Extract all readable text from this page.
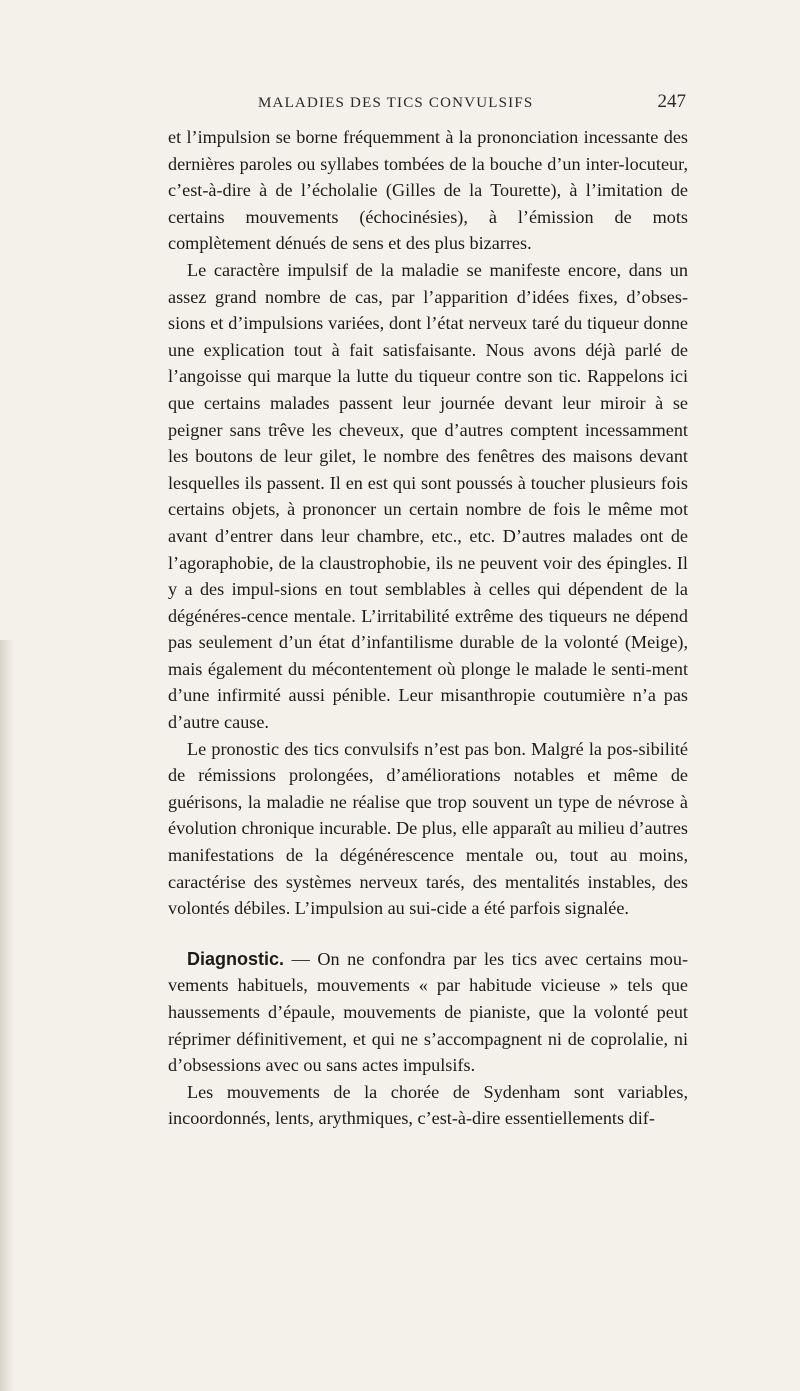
MALADIES DES TICS CONVULSIFS	247

et l’impulsion se borne fréquemment à la prononciation incessante des dernières paroles ou syllabes tombées de la bouche d’un inter-locuteur, c’est-à-dire à de l’écholalie (Gilles de la Tourette), à l’imitation de certains mouvements (échocinésies), à l’émission de mots complètement dénués de sens et des plus bizarres.

Le caractère impulsif de la maladie se manifeste encore, dans un assez grand nombre de cas, par l’apparition d’idées fixes, d’obses-sions et d’impulsions variées, dont l’état nerveux taré du tiqueur donne une explication tout à fait satisfaisante. Nous avons déjà parlé de l’angoisse qui marque la lutte du tiqueur contre son tic. Rappelons ici que certains malades passent leur journée devant leur miroir à se peigner sans trêve les cheveux, que d’autres comptent incessamment les boutons de leur gilet, le nombre des fenêtres des maisons devant lesquelles ils passent. Il en est qui sont poussés à toucher plusieurs fois certains objets, à prononcer un certain nombre de fois le même mot avant d’entrer dans leur chambre, etc., etc. D’autres malades ont de l’agoraphobie, de la claustrophobie, ils ne peuvent voir des épingles. Il y a des impul-sions en tout semblables à celles qui dépendent de la dégénéres-cence mentale. L’irritabilité extrême des tiqueurs ne dépend pas seulement d’un état d’infantilisme durable de la volonté (Meige), mais également du mécontentement où plonge le malade le senti-ment d’une infirmité aussi pénible. Leur misanthropie coutumière n’a pas d’autre cause.

Le pronostic des tics convulsifs n’est pas bon. Malgré la pos-sibilité de rémissions prolongées, d’améliorations notables et même de guérisons, la maladie ne réalise que trop souvent un type de névrose à évolution chronique incurable. De plus, elle apparaît au milieu d’autres manifestations de la dégénérescence mentale ou, tout au moins, caractérise des systèmes nerveux tarés, des mentalités instables, des volontés débiles. L’impulsion au sui-cide a été parfois signalée.

Diagnostic. — On ne confondra par les tics avec certains mou-vements habituels, mouvements « par habitude vicieuse » tels que haussements d’épaule, mouvements de pianiste, que la volonté peut réprimer définitivement, et qui ne s’accompagnent ni de coprolalie, ni d’obsessions avec ou sans actes impulsifs.

Les mouvements de la chorée de Sydenham sont variables, incoordonnés, lents, arythmiques, c’est-à-dire essentiellements dif-
